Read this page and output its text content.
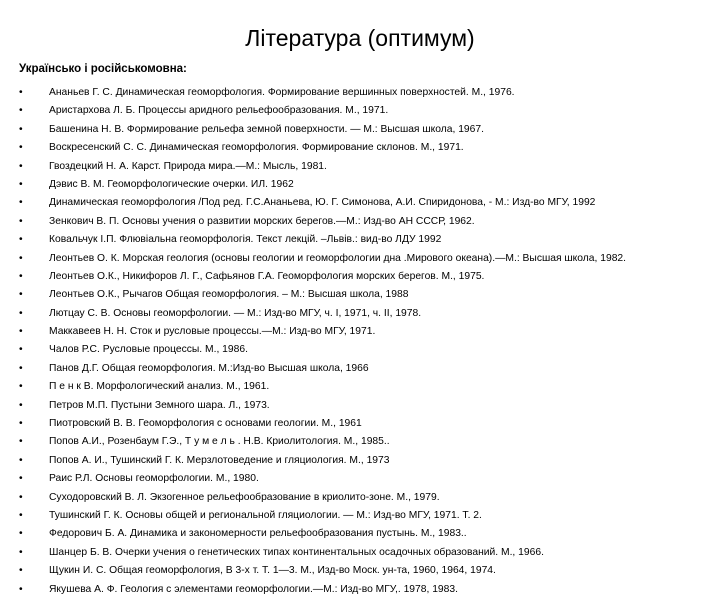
Література (оптимум)
Українсько і російськомовна:
•	Ананьев Г. С. Динамическая геоморфология. Формирование вершинных поверхностей. М., 1976.
•	Аристархова Л. Б. Процессы аридного рельефообразования. М., 1971.
•	Башенина Н. В. Формирование рельефа земной поверхности. — М.: Высшая школа, 1967.
•	Воскресенский С. С. Динамическая геоморфология. Формирование склонов. М., 1971.
•	Гвоздецкий Н. А. Карст. Природа мира.—М.: Мысль, 1981.
•	Дэвис В. М. Геоморфологические очерки. ИЛ. 1962
•	Динамическая геоморфология /Под ред. Г.С.Ананьева, Ю. Г. Симонова, А.И. Спиридонова, - М.: Изд-во МГУ, 1992
•	Зенкович В. П. Основы учения о развитии морских берегов.—М.: Изд-во АН СССР, 1962.
•	Ковальчук І.П. Флювіальна геоморфологія. Текст лекцій. –Львів.: вид-во ЛДУ 1992
•	Леонтьев О. К. Морская геология (основы геологии и геоморфологии дна .Мирового океана).—М.: Высшая школа, 1982.
•	Леонтьев О.К., Никифоров Л. Г., Сафьянов Г.А. Геоморфология морских берегов. М., 1975.
•	Леонтьев О.К., Рычагов Общая геоморфология. – М.: Высшая школа, 1988
•	Лютцау С. В. Основы геоморфологии. — М.: Изд-во МГУ, ч. I, 1971, ч. II, 1978.
•	Маккавеев Н. Н. Сток и русловые процессы.—М.: Изд-во МГУ, 1971.
•	Чалов Р.С. Русловые процессы. М., 1986.
•	Панов Д.Г. Общая геоморфология. М.:Изд-во Высшая школа, 1966
•	П е н к В. Морфологический анализ. М., 1961.
•	Петров М.П. Пустыни Земного шара. Л., 1973.
•	Пиотровский В. В. Геоморфология с основами геологии. М., 1961
•	Попов А.И., Розенбаум Г.Э., Т у м е л ь . Н.В. Криолитология. М., 1985..
•	Попов А. И., Тушинский Г. К. Мерзлотоведение и гляциология. М., 1973
•	Раис Р.Л. Основы геоморфологии. М., 1980.
•	Суходоровский В. Л. Экзогенное рельефообразование в криолито-зоне. М., 1979.
•	Тушинский Г. К. Основы общей и региональной гляциологии. — М.: Изд-во МГУ, 1971. Т. 2.
•	Федорович Б. А. Динамика и закономерности рельефообразования пустынь. М., 1983..
•	Шанцер Б. В. Очерки учения о генетических типах континентальных осадочных образований. М., 1966.
•	Щукин И. С. Общая геоморфология, В 3-х т. Т. 1—3. М., Изд-во Моск. ун-та, 1960, 1964, 1974.
•	Якушева А. Ф. Геология с элементами геоморфологии.—М.: Изд-во МГУ,. 1978, 1983.
